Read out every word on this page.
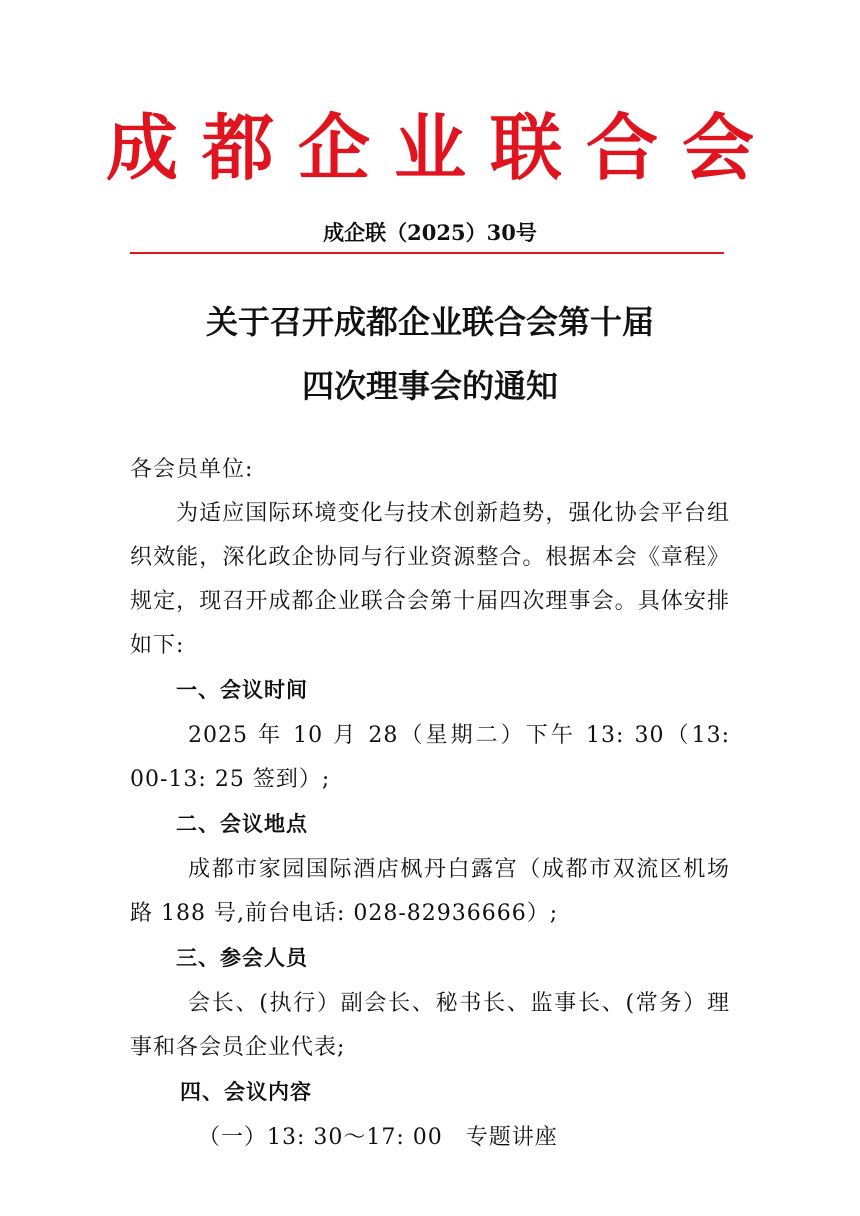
成都企业联合会
成企联（2025）30号
关于召开成都企业联合会第十届
四次理事会的通知
各会员单位:
为适应国际环境变化与技术创新趋势，强化协会平台组织效能，深化政企协同与行业资源整合。根据本会《章程》规定，现召开成都企业联合会第十届四次理事会。具体安排如下:
一、会议时间
2025 年 10 月 28（星期二）下午 13: 30（13: 00-13: 25 签到）;
二、会议地点
成都市家园国际酒店枫丹白露宫（成都市双流区机场路 188 号,前台电话: 028-82936666）;
三、参会人员
会长、(执行）副会长、秘书长、监事长、(常务）理事和各会员企业代表;
四、会议内容
（一）13: 30～17: 00　专题讲座
